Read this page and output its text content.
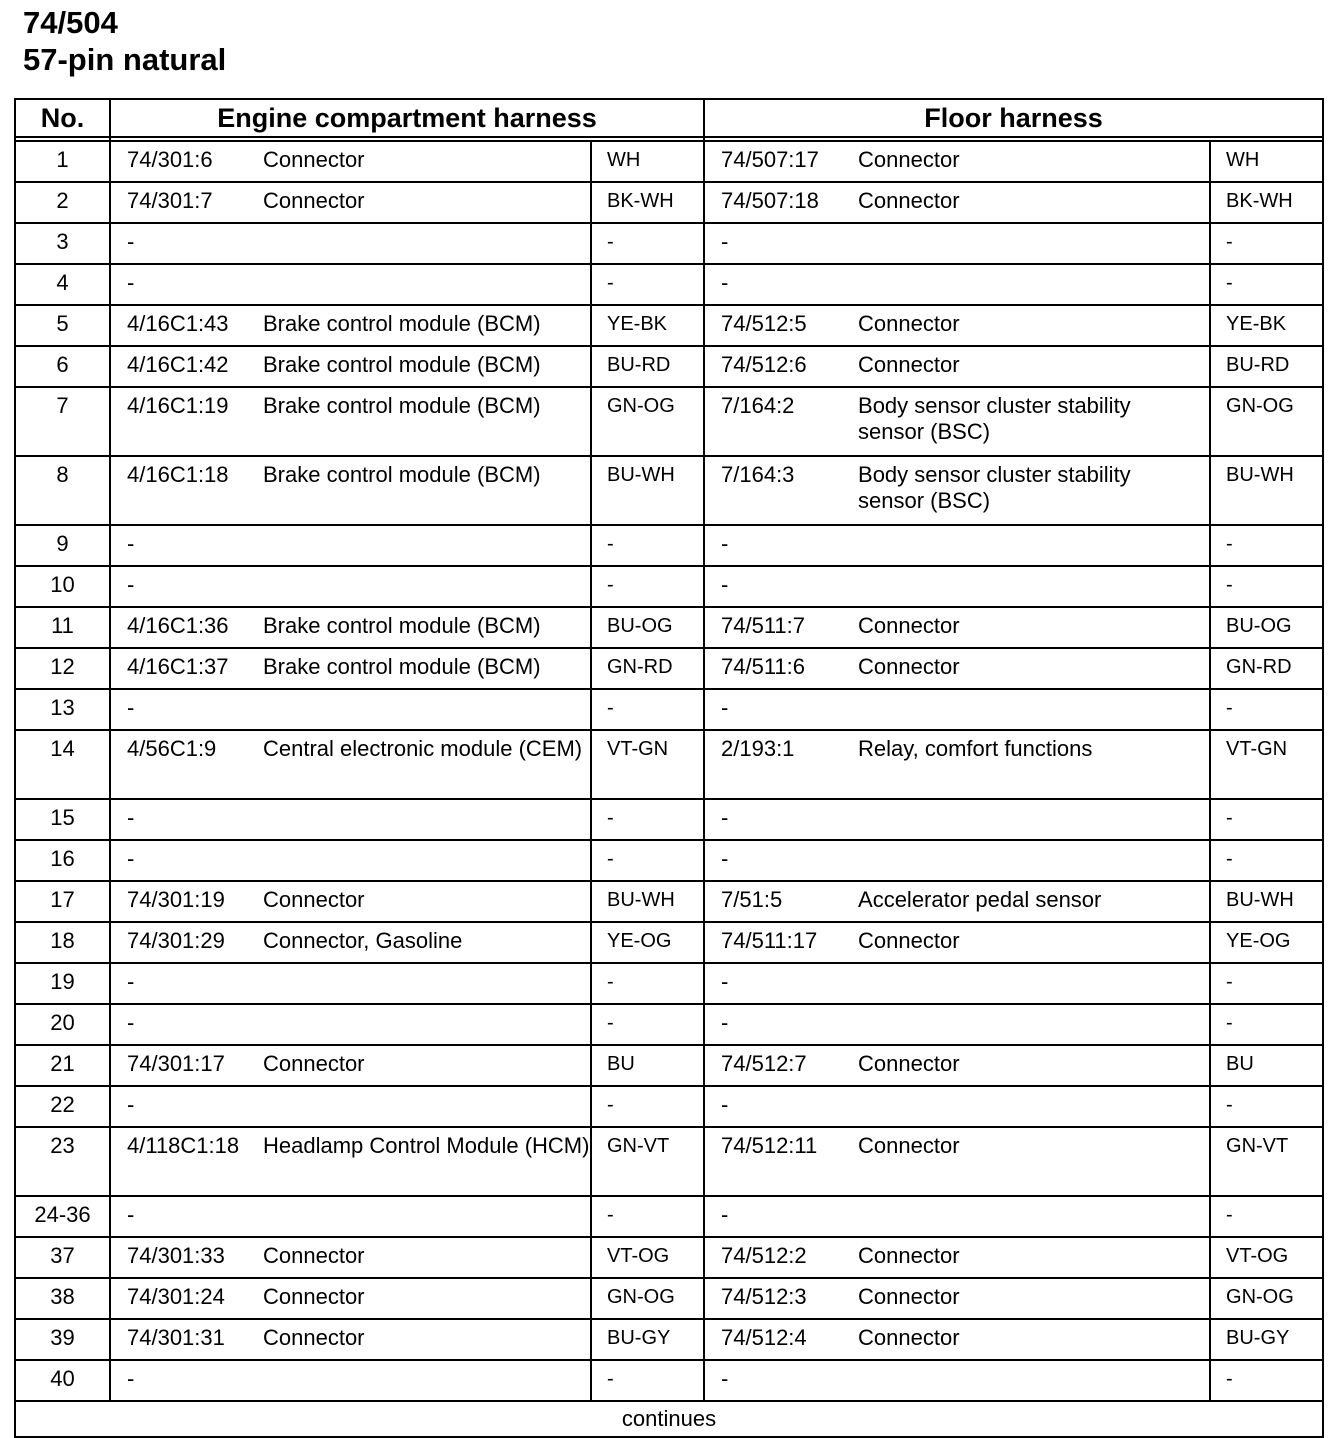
74/504
57-pin natural
No.	Engine compartment harness		Floor harness	

1	74/301:6 Connector	WH	74/507:17 Connector	WH
2	74/301:7 Connector	BK-WH	74/507:18 Connector	BK-WH
3	-	-	-	-
4	-	-	-	-
5	4/16C1:43 Brake control module (BCM)	YE-BK	74/512:5 Connector	YE-BK
6	4/16C1:42 Brake control module (BCM)	BU-RD	74/512:6 Connector	BU-RD
7	4/16C1:19 Brake control module (BCM)	GN-OG	7/164:2 Body sensor cluster stability sensor (BSC)	GN-OG
8	4/16C1:18 Brake control module (BCM)	BU-WH	7/164:3 Body sensor cluster stability sensor (BSC)	BU-WH
9	-	-	-	-
10	-	-	-	-
11	4/16C1:36 Brake control module (BCM)	BU-OG	74/511:7 Connector	BU-OG
12	4/16C1:37 Brake control module (BCM)	GN-RD	74/511:6 Connector	GN-RD
13	-	-	-	-
14	4/56C1:9 Central electronic module (CEM)	VT-GN	2/193:1 Relay, comfort functions	VT-GN
15	-	-	-	-
16	-	-	-	-
17	74/301:19 Connector	BU-WH	7/51:5 Accelerator pedal sensor	BU-WH
18	74/301:29 Connector, Gasoline	YE-OG	74/511:17 Connector	YE-OG
19	-	-	-	-
20	-	-	-	-
21	74/301:17 Connector	BU	74/512:7 Connector	BU
22	-	-	-	-
23	4/118C1:18 Headlamp Control Module (HCM)	GN-VT	74/512:11 Connector	GN-VT
24-36	-	-	-	-
37	74/301:33 Connector	VT-OG	74/512:2 Connector	VT-OG
38	74/301:24 Connector	GN-OG	74/512:3 Connector	GN-OG
39	74/301:31 Connector	BU-GY	74/512:4 Connector	BU-GY
40	-	-	-	-
continues				
